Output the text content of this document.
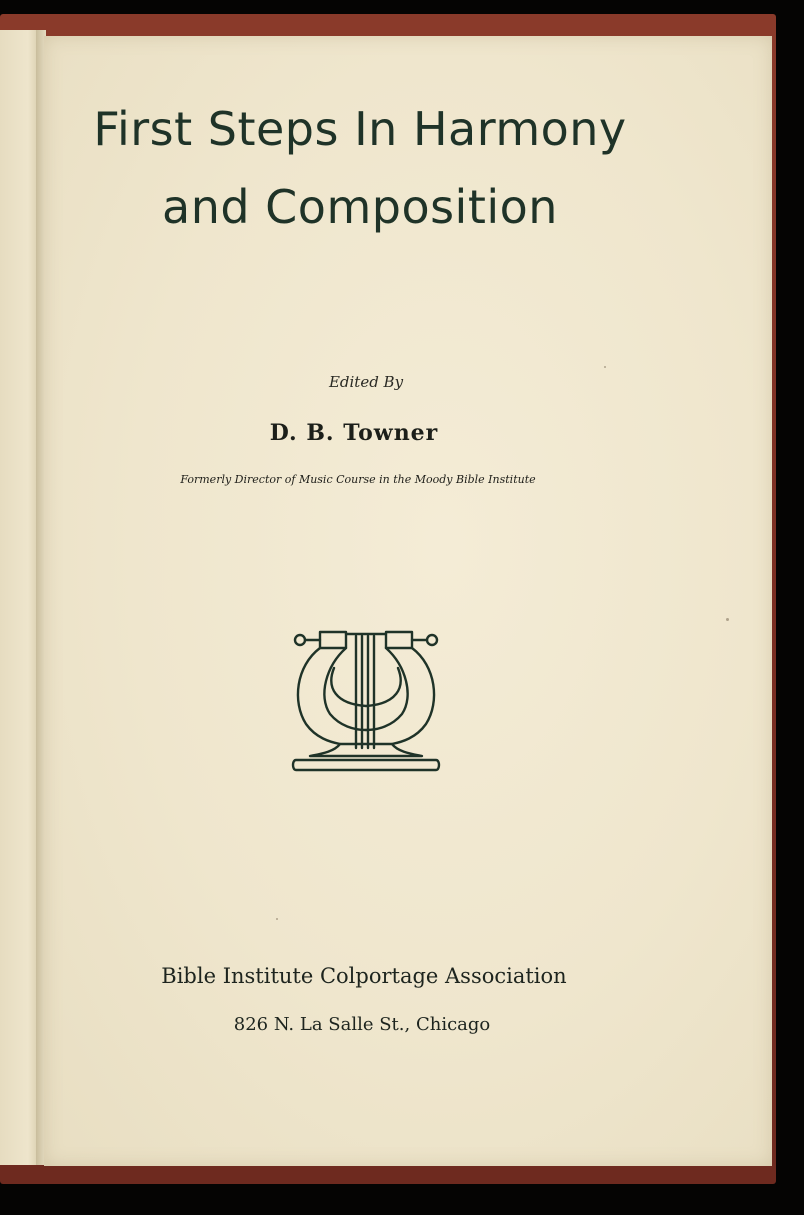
First Steps In Harmony
and Composition

Edited By

D. B. Towner

Formerly Director of Music Course in the Moody Bible Institute

Bible Institute Colportage Association

826 N. La Salle St., Chicago
